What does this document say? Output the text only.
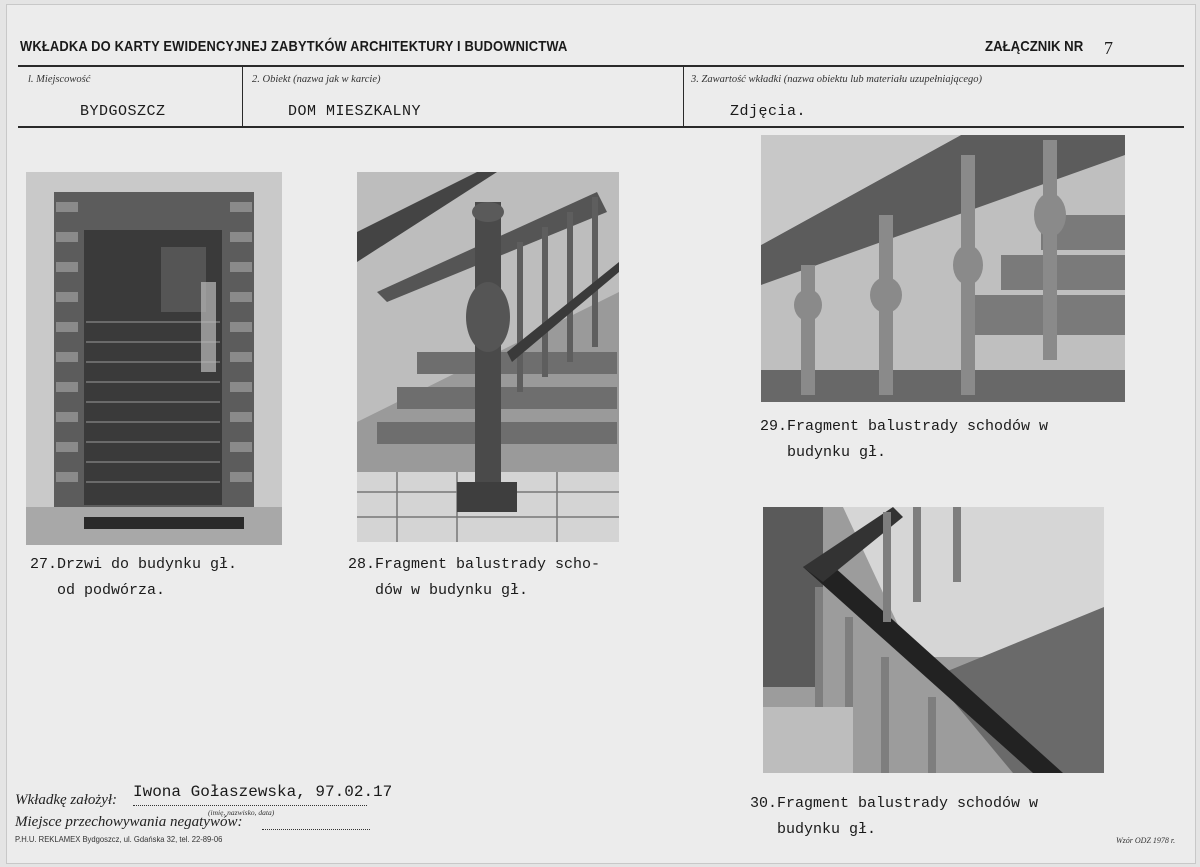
WKŁADKA DO KARTY EWIDENCYJNEJ ZABYTKÓW ARCHITEKTURY I BUDOWNICTWA	ZAŁĄCZNIK NR 7
l. Miejscowość
BYDGOSZCZ
2. Obiekt (nazwa jak w karcie)
DOM MIESZKALNY
3. Zawartość wkładki (nazwa obiektu lub materiału uzupełniającego)
Zdjęcia.
27.Drzwi do budynku gł.
od podwórza.
28.Fragment balustrady scho-
dów w budynku gł.
29.Fragment balustrady schodów w
budynku gł.
30.Fragment balustrady schodów w
budynku gł.
Wkładkę założył: Iwona Gołaszewska, 97.02.17
(imię, nazwisko, data)
Miejsce przechowywania negatywów:
P.H.U. REKLAMEX Bydgoszcz, ul. Gdańska 32, tel. 22-89-06	Wzór ODZ 1978 r.
